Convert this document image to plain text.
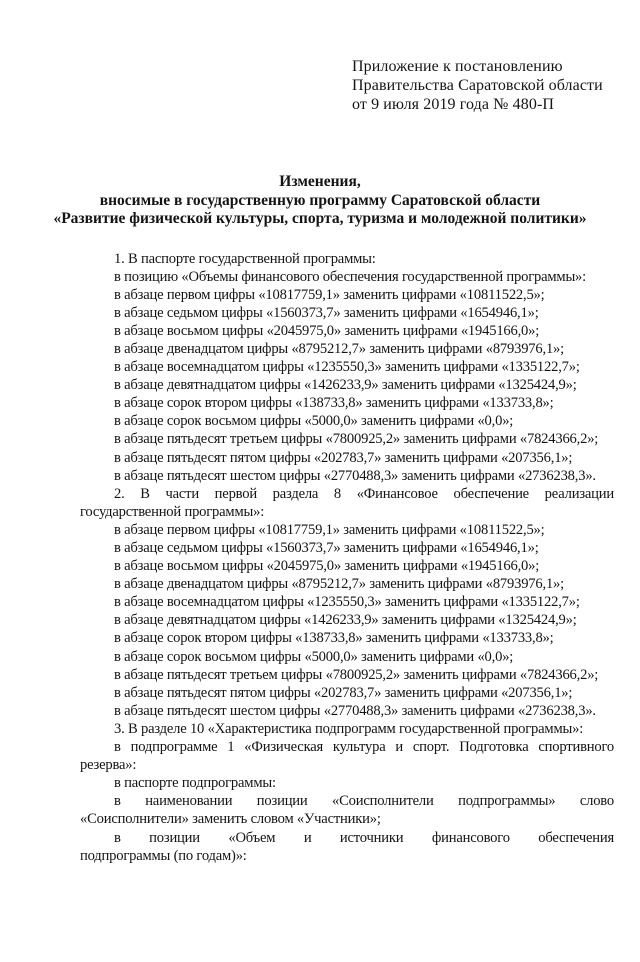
Приложение к постановлению
Правительства Саратовской области
от 9 июля 2019 года № 480-П
Изменения,
вносимые в государственную программу Саратовской области
«Развитие физической культуры, спорта, туризма и молодежной политики»
1. В паспорте государственной программы:
в позицию «Объемы финансового обеспечения государственной программы»:
в абзаце первом цифры «10817759,1» заменить цифрами «10811522,5»;
в абзаце седьмом цифры «1560373,7» заменить цифрами «1654946,1»;
в абзаце восьмом цифры «2045975,0» заменить цифрами «1945166,0»;
в абзаце двенадцатом цифры «8795212,7» заменить цифрами «8793976,1»;
в абзаце восемнадцатом цифры «1235550,3» заменить цифрами «1335122,7»;
в абзаце девятнадцатом цифры «1426233,9» заменить цифрами «1325424,9»;
в абзаце сорок втором цифры «138733,8» заменить цифрами «133733,8»;
в абзаце сорок восьмом цифры «5000,0» заменить цифрами «0,0»;
в абзаце пятьдесят третьем цифры «7800925,2» заменить цифрами «7824366,2»;
в абзаце пятьдесят пятом цифры «202783,7» заменить цифрами «207356,1»;
в абзаце пятьдесят шестом цифры «2770488,3» заменить цифрами «2736238,3».
2. В части первой раздела 8 «Финансовое обеспечение реализации
государственной программы»:
в абзаце первом цифры «10817759,1» заменить цифрами «10811522,5»;
в абзаце седьмом цифры «1560373,7» заменить цифрами «1654946,1»;
в абзаце восьмом цифры «2045975,0» заменить цифрами «1945166,0»;
в абзаце двенадцатом цифры «8795212,7» заменить цифрами «8793976,1»;
в абзаце восемнадцатом цифры «1235550,3» заменить цифрами «1335122,7»;
в абзаце девятнадцатом цифры «1426233,9» заменить цифрами «1325424,9»;
в абзаце сорок втором цифры «138733,8» заменить цифрами «133733,8»;
в абзаце сорок восьмом цифры «5000,0» заменить цифрами «0,0»;
в абзаце пятьдесят третьем цифры «7800925,2» заменить цифрами «7824366,2»;
в абзаце пятьдесят пятом цифры «202783,7» заменить цифрами «207356,1»;
в абзаце пятьдесят шестом цифры «2770488,3» заменить цифрами «2736238,3».
3. В разделе 10 «Характеристика подпрограмм государственной программы»:
в подпрограмме 1 «Физическая культура и спорт. Подготовка спортивного
резерва»:
в паспорте подпрограммы:
в наименовании позиции «Соисполнители подпрограммы» слово
«Соисполнители» заменить словом «Участники»;
в позиции «Объем и источники финансового обеспечения
подпрограммы (по годам)»:
